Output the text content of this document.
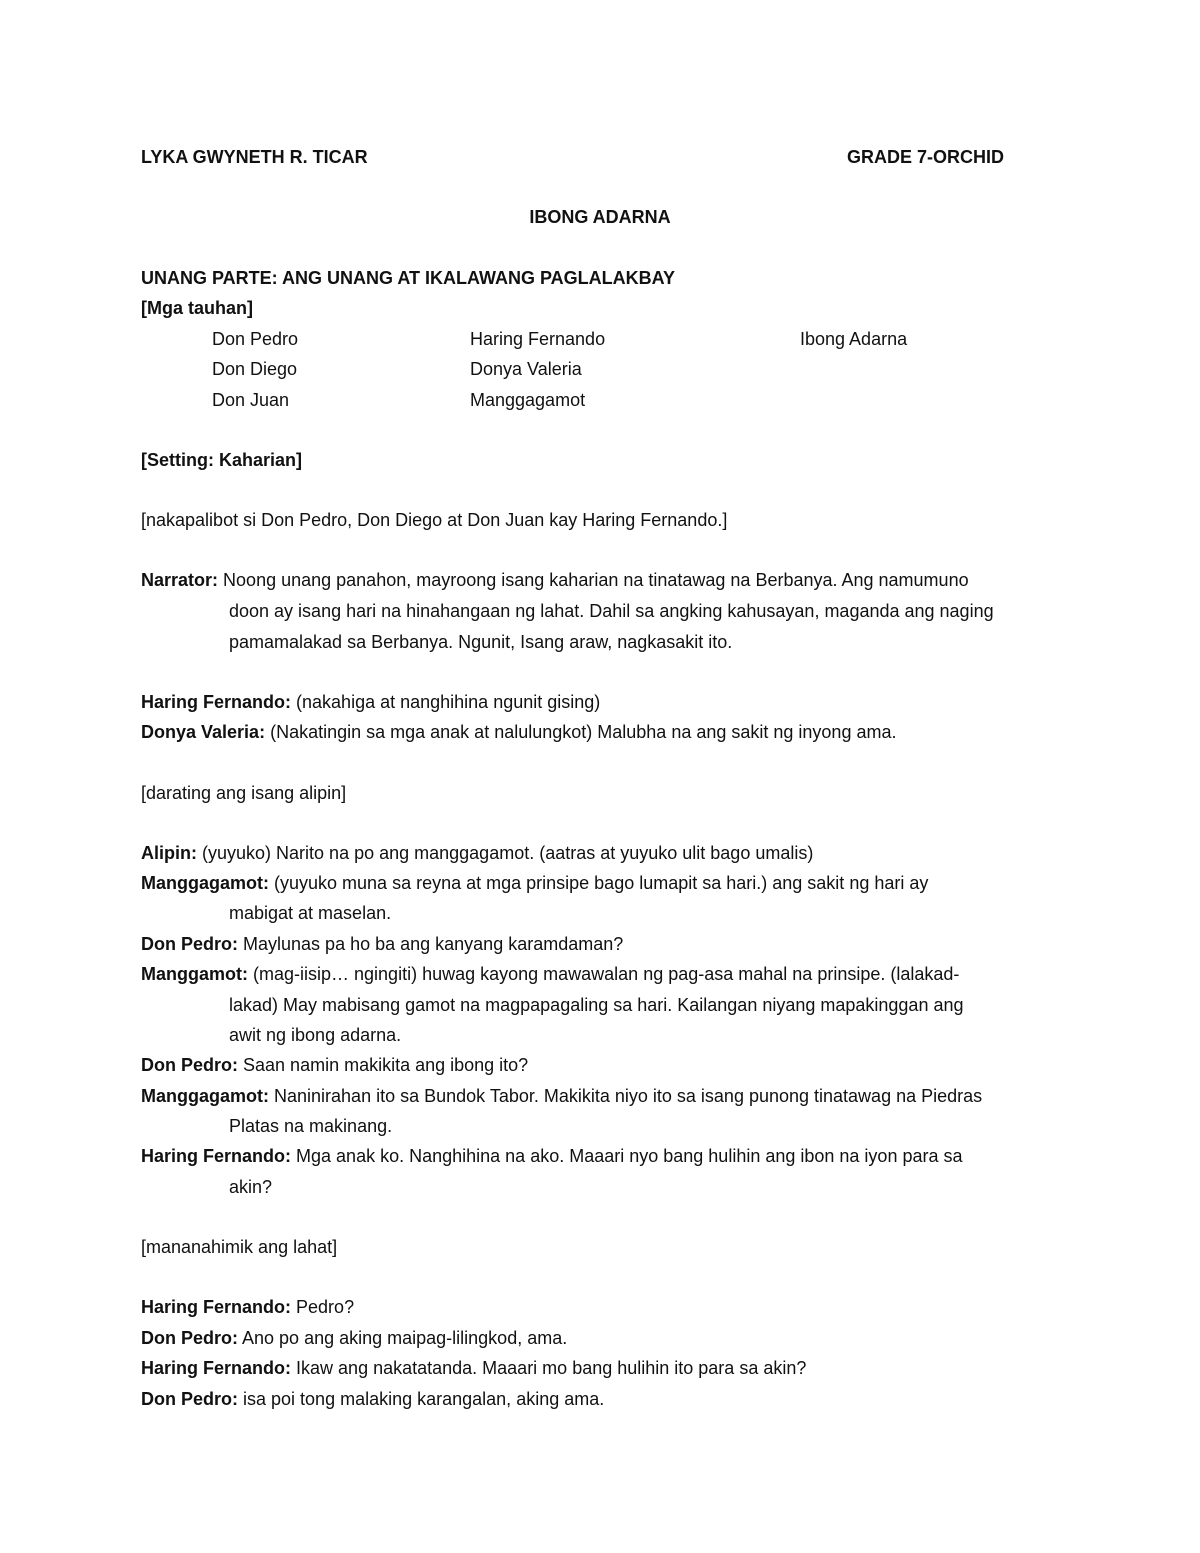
LYKA GWYNETH R. TICAR	GRADE 7-ORCHID
IBONG ADARNA
UNANG PARTE: ANG UNANG AT IKALAWANG PAGLALAKBAY
[Mga tauhan]
Don Pedro	Haring Fernando	Ibong Adarna
Don Diego	Donya Valeria
Don Juan	Manggagamot
[Setting: Kaharian]
[nakapalibot si Don Pedro, Don Diego at Don Juan kay Haring Fernando.]
Narrator: Noong unang panahon, mayroong isang kaharian na tinatawag na Berbanya. Ang namumuno
doon ay isang hari na hinahangaan ng lahat. Dahil sa angking kahusayan, maganda ang naging
pamamalakad sa Berbanya. Ngunit, Isang araw, nagkasakit ito.
Haring Fernando: (nakahiga at nanghihina ngunit gising)
Donya Valeria: (Nakatingin sa mga anak at nalulungkot) Malubha na ang sakit ng inyong ama.
[darating ang isang alipin]
Alipin: (yuyuko) Narito na po ang manggagamot. (aatras at yuyuko ulit bago umalis)
Manggagamot: (yuyuko muna sa reyna at mga prinsipe bago lumapit sa hari.) ang sakit ng hari ay
mabigat at maselan.
Don Pedro: Maylunas pa ho ba ang kanyang karamdaman?
Manggamot: (mag-iisip… ngingiti) huwag kayong mawawalan ng pag-asa mahal na prinsipe. (lalakad-
lakad) May mabisang gamot na magpapagaling sa hari. Kailangan niyang mapakinggan ang
awit ng ibong adarna.
Don Pedro: Saan namin makikita ang ibong ito?
Manggagamot: Naninirahan ito sa Bundok Tabor. Makikita niyo ito sa isang punong tinatawag na Piedras
Platas na makinang.
Haring Fernando: Mga anak ko. Nanghihina na ako. Maaari nyo bang hulihin ang ibon na iyon para sa
akin?
[mananahimik ang lahat]
Haring Fernando: Pedro?
Don Pedro: Ano po ang aking maipag-lilingkod, ama.
Haring Fernando: Ikaw ang nakatatanda. Maaari mo bang hulihin ito para sa akin?
Don Pedro: isa poi tong malaking karangalan, aking ama.
